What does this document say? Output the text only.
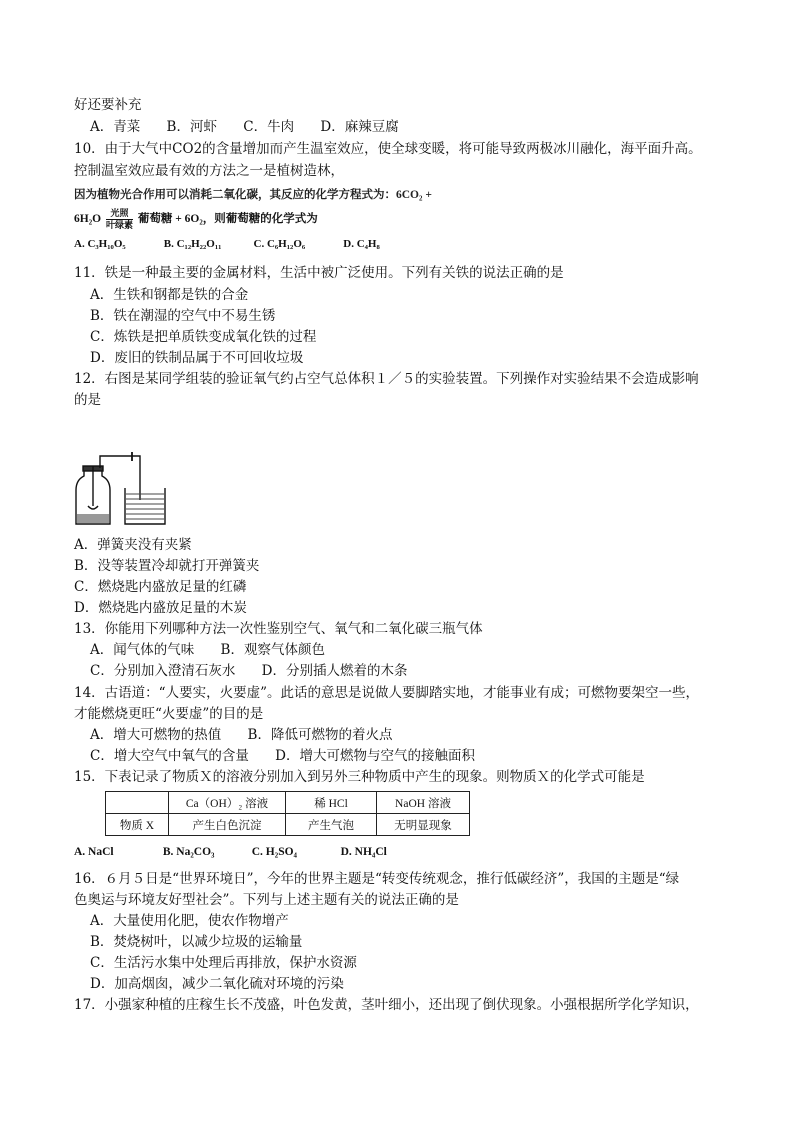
好还要补充
A．青菜 B．河虾 C．牛肉 D．麻辣豆腐
10．由于大气中CO2的含量增加而产生温室效应，使全球变暖，将可能导致两极冰川融化，海平面升高。
控制温室效应最有效的方法之一是植树造林，
因为植物光合作用可以消耗二氧化碳，其反应的化学方程式为：6CO₂ +
$6H_2O \frac{\text{光照}}{\text{叶绿素}}$ 葡萄糖 + 6O₂，则葡萄糖的化学式为
A. C₃H₁₀O₅	B. C₁₂H₂₂O₁₁	C. C₆H₁₂O₆	D. C₄H₈
11．铁是一种最主要的金属材料，生活中被广泛使用。下列有关铁的说法正确的是
A．生铁和钢都是铁的合金
B．铁在潮湿的空气中不易生锈
C．炼铁是把单质铁变成氧化铁的过程
D．废旧的铁制品属于不可回收垃圾
12．右图是某同学组装的验证氧气约占空气总体积１／５的实验装置。下列操作对实验结果不会造成影响
的是
A．弹簧夹没有夹紧
B．没等装置冷却就打开弹簧夹
C．燃烧匙内盛放足量的红磷
D．燃烧匙内盛放足量的木炭
13．你能用下列哪种方法一次性鉴别空气、氧气和二氧化碳三瓶气体
A．闻气体的气味 B．观察气体颜色
C．分别加入澄清石灰水 D．分别插人燃着的木条
14．古语道：“人要实，火要虚”。此话的意思是说做人要脚踏实地，才能事业有成；可燃物要架空一些，
才能燃烧更旺“火要虚”的目的是
A．增大可燃物的热值 B．降低可燃物的着火点
C．增大空气中氧气的含量 D．增大可燃物与空气的接触面积
15．下表记录了物质Ｘ的溶液分别加入到另外三种物质中产生的现象。则物质Ｘ的化学式可能是
	Ca（OH）₂ 溶液	稀 HCl	NaOH 溶液
物质 X	产生白色沉淀	产生气泡	无明显现象
A. NaCl	B. Na₂CO₃	C. H₂SO₄	D. NH₄Cl
16．６月５日是“世界环境日”，今年的世界主题是“转变传统观念，推行低碳经济”，我国的主题是“绿
色奥运与环境友好型社会”。下列与上述主题有关的说法正确的是
A．大量使用化肥，使农作物增产
B．焚烧树叶，以减少垃圾的运输量
C．生活污水集中处理后再排放，保护水资源
D．加高烟囱，减少二氧化硫对环境的污染
17．小强家种植的庄稼生长不茂盛，叶色发黄，茎叶细小，还出现了倒伏现象。小强根据所学化学知识，
